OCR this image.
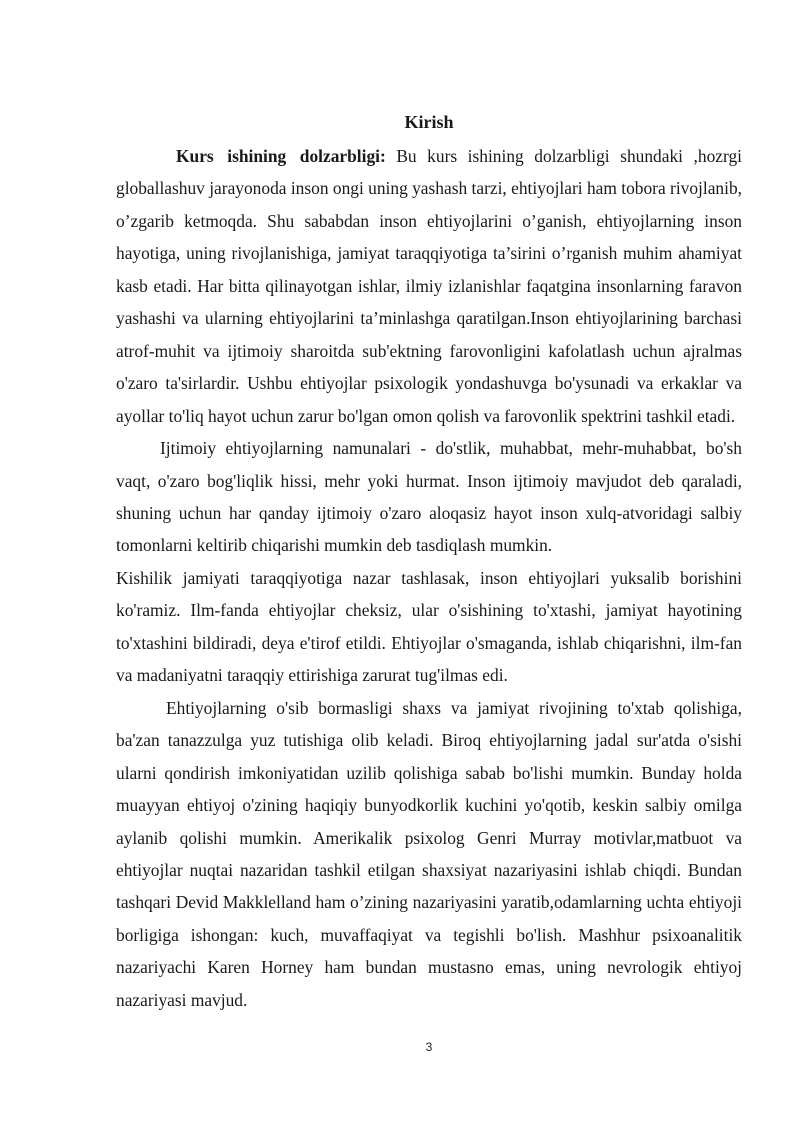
Kirish

Kurs ishining dolzarbligi: Bu kurs ishining dolzarbligi shundaki ,hozrgi globallashuv jarayonoda inson ongi uning yashash tarzi, ehtiyojlari ham tobora rivojlanib, o’zgarib ketmoqda. Shu sababdan inson ehtiyojlarini o’ganish, ehtiyojlarning inson hayotiga, uning rivojlanishiga, jamiyat taraqqiyotiga ta’sirini o’rganish muhim ahamiyat kasb etadi. Har bitta qilinayotgan ishlar, ilmiy izlanishlar faqatgina insonlarning faravon yashashi va ularning ehtiyojlarini ta’minlashga qaratilgan.Inson ehtiyojlarining barchasi atrof-muhit va ijtimoiy sharoitda sub'ektning farovonligini kafolatlash uchun ajralmas o'zaro ta'sirlardir. Ushbu ehtiyojlar psixologik yondashuvga bo'ysunadi va erkaklar va ayollar to'liq hayot uchun zarur bo'lgan omon qolish va farovonlik spektrini tashkil etadi.

Ijtimoiy ehtiyojlarning namunalari - do'stlik, muhabbat, mehr-muhabbat, bo'sh vaqt, o'zaro bog'liqlik hissi, mehr yoki hurmat. Inson ijtimoiy mavjudot deb qaraladi, shuning uchun har qanday ijtimoiy o'zaro aloqasiz hayot inson xulq-atvoridagi salbiy tomonlarni keltirib chiqarishi mumkin deb tasdiqlash mumkin.

Kishilik jamiyati taraqqiyotiga nazar tashlasak, inson ehtiyojlari yuksalib borishini ko'ramiz. Ilm-fanda ehtiyojlar cheksiz, ular o'sishining to'xtashi, jamiyat hayotining to'xtashini bildiradi, deya e'tirof etildi. Ehtiyojlar o'smaganda, ishlab chiqarishni, ilm-fan va madaniyatni taraqqiy ettirishiga zarurat tug'ilmas edi.

Ehtiyojlarning o'sib bormasligi shaxs va jamiyat rivojining to'xtab qolishiga, ba'zan tanazzulga yuz tutishiga olib keladi. Biroq ehtiyojlarning jadal sur'atda o'sishi ularni qondirish imkoniyatidan uzilib qolishiga sabab bo'lishi mumkin. Bunday holda muayyan ehtiyoj o'zining haqiqiy bunyodkorlik kuchini yo'qotib, keskin salbiy omilga aylanib qolishi mumkin. Amerikalik psixolog Genri Murray motivlar,matbuot va ehtiyojlar nuqtai nazaridan tashkil etilgan shaxsiyat nazariyasini ishlab chiqdi. Bundan tashqari Devid Makklelland ham o’zining nazariyasini yaratib,odamlarning uchta ehtiyoji borligiga ishongan: kuch, muvaffaqiyat va tegishli bo'lish. Mashhur psixoanalitik nazariyachi Karen Horney ham bundan mustasno emas, uning nevrologik ehtiyoj nazariyasi mavjud.

3
